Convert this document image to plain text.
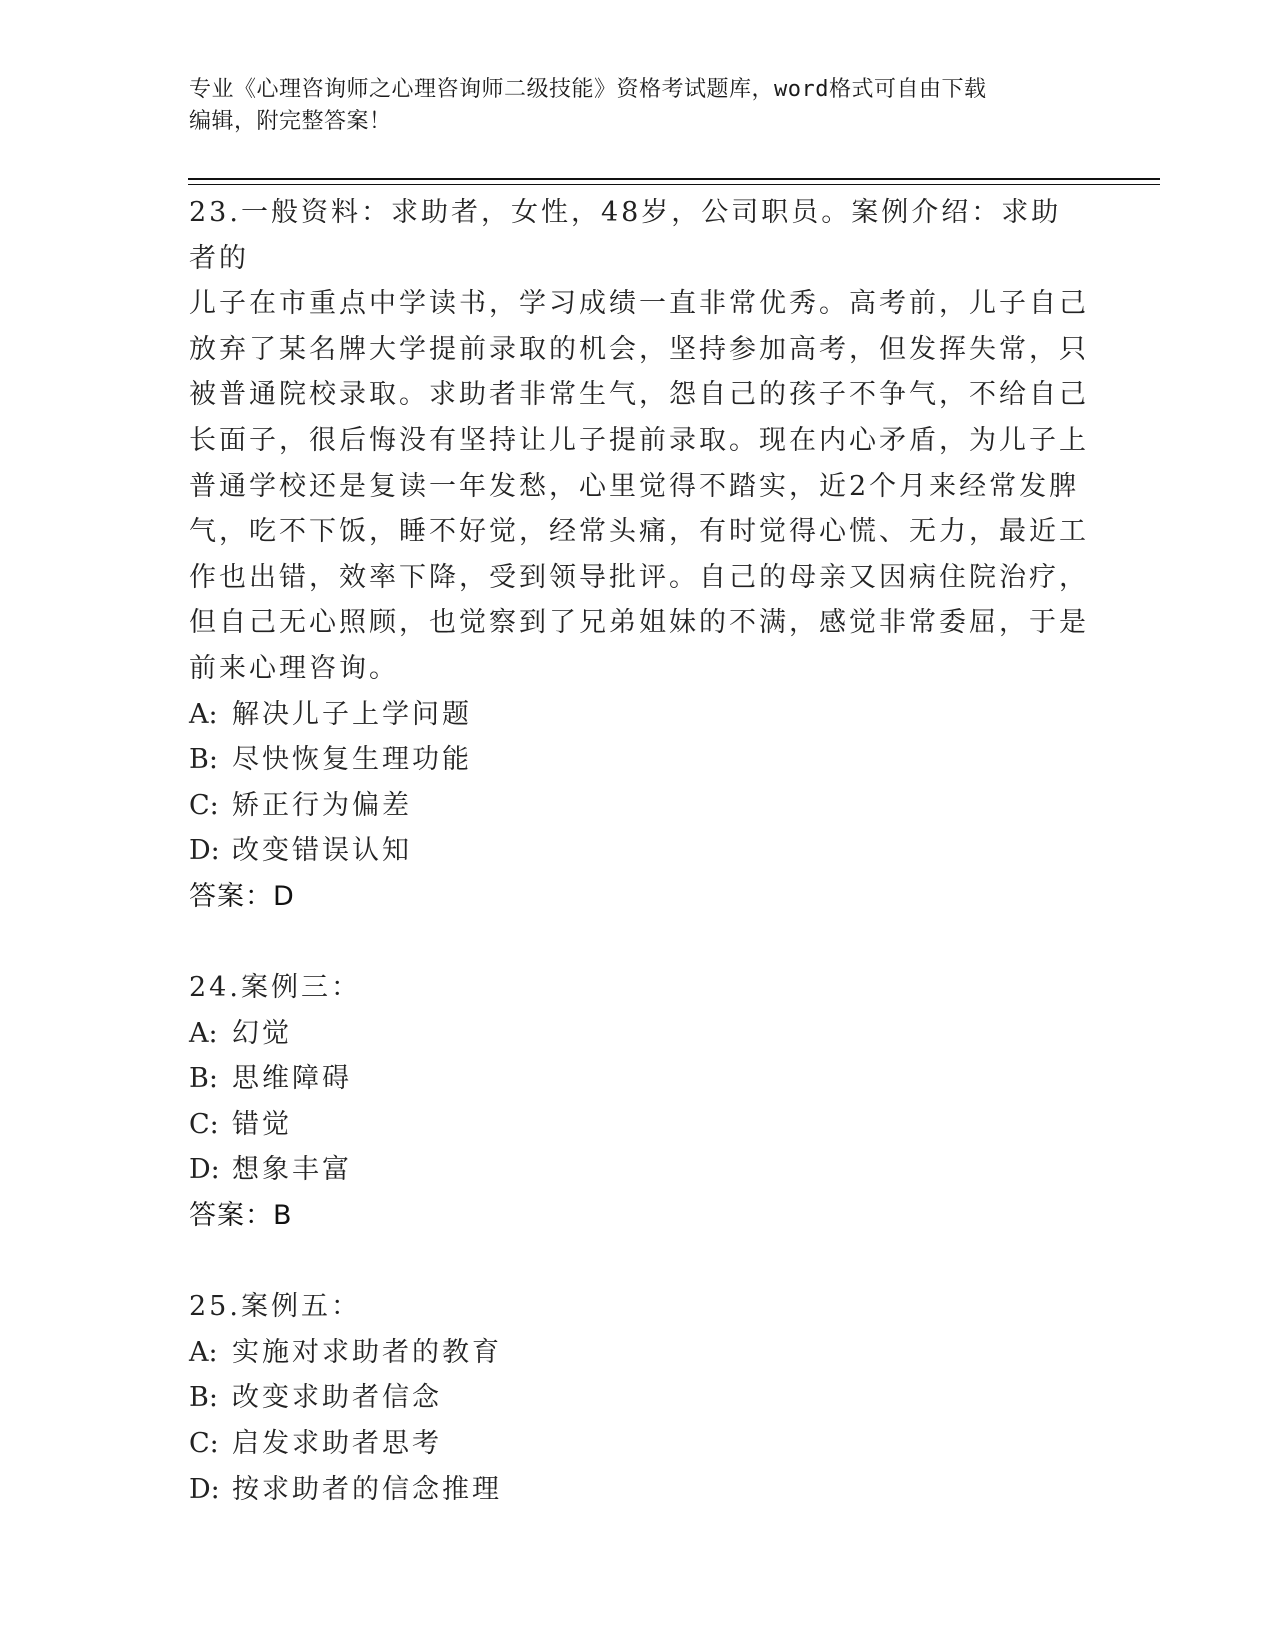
专业《心理咨询师之心理咨询师二级技能》资格考试题库，word格式可自由下载
编辑，附完整答案！

23.一般资料：求助者，女性，48岁，公司职员。案例介绍：求助者的

儿子在市重点中学读书，学习成绩一直非常优秀。高考前，儿子自己

放弃了某名牌大学提前录取的机会，坚持参加高考，但发挥失常，只

被普通院校录取。求助者非常生气，怨自己的孩子不争气，不给自己

长面子，很后悔没有坚持让儿子提前录取。现在内心矛盾，为儿子上

普通学校还是复读一年发愁，心里觉得不踏实，近2个月来经常发脾

气，吃不下饭，睡不好觉，经常头痛，有时觉得心慌、无力，最近工

作也出错，效率下降，受到领导批评。自己的母亲又因病住院治疗，

但自己无心照顾，也觉察到了兄弟姐妹的不满，感觉非常委屈，于是

前来心理咨询。

A: 解决儿子上学问题

B: 尽快恢复生理功能

C: 矫正行为偏差

D: 改变错误认知

答案：D

24.案例三：

A: 幻觉

B: 思维障碍

C: 错觉

D: 想象丰富

答案：B

25.案例五：

A: 实施对求助者的教育

B: 改变求助者信念

C: 启发求助者思考

D: 按求助者的信念推理
